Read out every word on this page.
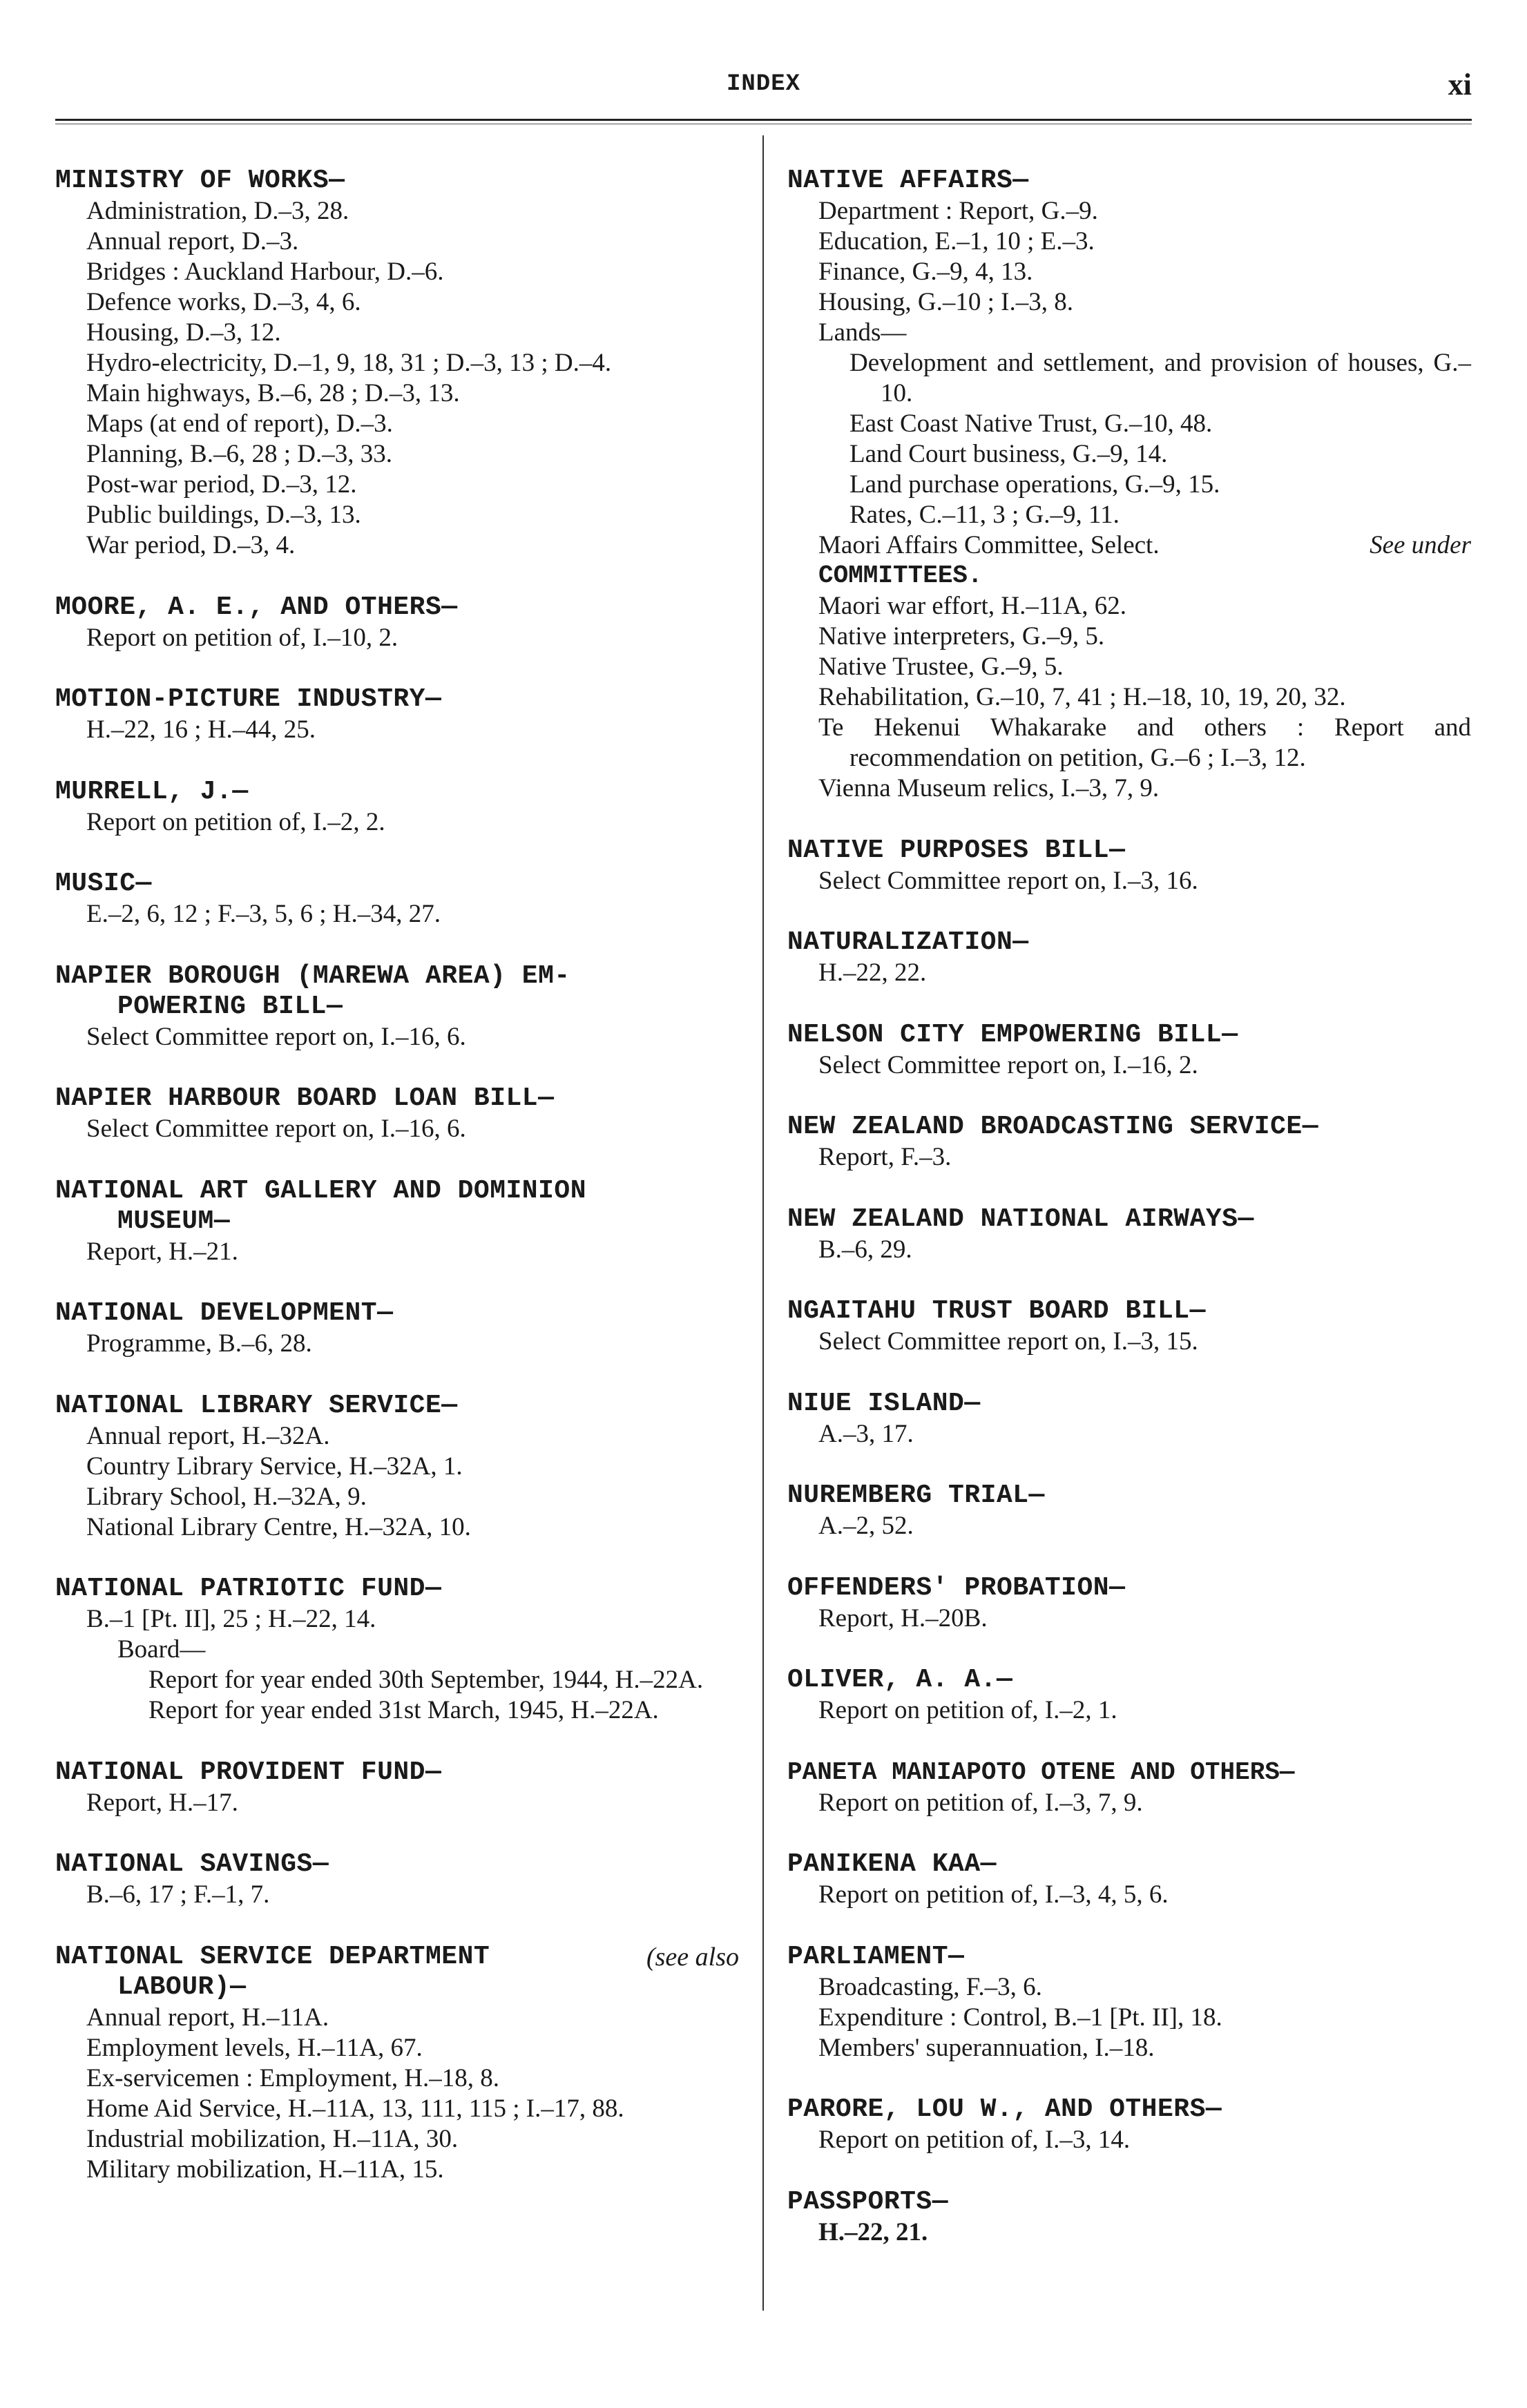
INDEX	xi
MINISTRY OF WORKS—
Administration, D.–3, 28.
Annual report, D.–3.
Bridges : Auckland Harbour, D.–6.
Defence works, D.–3, 4, 6.
Housing, D.–3, 12.
Hydro-electricity, D.–1, 9, 18, 31 ; D.–3, 13 ; D.–4.
Main highways, B.–6, 28 ; D.–3, 13.
Maps (at end of report), D.–3.
Planning, B.–6, 28 ; D.–3, 33.
Post-war period, D.–3, 12.
Public buildings, D.–3, 13.
War period, D.–3, 4.
MOORE, A. E., AND OTHERS—
Report on petition of, I.–10, 2.
MOTION-PICTURE INDUSTRY—
H.–22, 16 ; H.–44, 25.
MURRELL, J.—
Report on petition of, I.–2, 2.
MUSIC—
E.–2, 6, 12 ; F.–3, 5, 6 ; H.–34, 27.
NAPIER BOROUGH (MAREWA AREA) EM-
POWERING BILL—
Select Committee report on, I.–16, 6.
NAPIER HARBOUR BOARD LOAN BILL—
Select Committee report on, I.–16, 6.
NATIONAL ART GALLERY AND DOMINION
MUSEUM—
Report, H.–21.
NATIONAL DEVELOPMENT—
Programme, B.–6, 28.
NATIONAL LIBRARY SERVICE—
Annual report, H.–32A.
Country Library Service, H.–32A, 1.
Library School, H.–32A, 9.
National Library Centre, H.–32A, 10.
NATIONAL PATRIOTIC FUND—
B.–1 [Pt. II], 25 ; H.–22, 14.
Board—
Report for year ended 30th September, 1944, H.–22A.
Report for year ended 31st March, 1945, H.–22A.
NATIONAL PROVIDENT FUND—
Report, H.–17.
NATIONAL SAVINGS—
B.–6, 17 ; F.–1, 7.
NATIONAL SERVICE DEPARTMENT	(see also
LABOUR)—
Annual report, H.–11A.
Employment levels, H.–11A, 67.
Ex-servicemen : Employment, H.–18, 8.
Home Aid Service, H.–11A, 13, 111, 115 ; I.–17, 88.
Industrial mobilization, H.–11A, 30.
Military mobilization, H.–11A, 15.
NATIVE AFFAIRS—
Department : Report, G.–9.
Education, E.–1, 10 ; E.–3.
Finance, G.–9, 4, 13.
Housing, G.–10 ; I.–3, 8.
Lands—
Development and settlement, and provision of houses, G.–10.
East Coast Native Trust, G.–10, 48.
Land Court business, G.–9, 14.
Land purchase operations, G.–9, 15.
Rates, C.–11, 3 ; G.–9, 11.
Maori Affairs Committee, Select.	See under
COMMITTEES.
Maori war effort, H.–11A, 62.
Native interpreters, G.–9, 5.
Native Trustee, G.–9, 5.
Rehabilitation, G.–10, 7, 41 ; H.–18, 10, 19, 20, 32.
Te Hekenui Whakarake and others : Report and recommendation on petition, G.–6 ; I.–3, 12.
Vienna Museum relics, I.–3, 7, 9.
NATIVE PURPOSES BILL—
Select Committee report on, I.–3, 16.
NATURALIZATION—
H.–22, 22.
NELSON CITY EMPOWERING BILL—
Select Committee report on, I.–16, 2.
NEW ZEALAND BROADCASTING SERVICE—
Report, F.–3.
NEW ZEALAND NATIONAL AIRWAYS—
B.–6, 29.
NGAITAHU TRUST BOARD BILL—
Select Committee report on, I.–3, 15.
NIUE ISLAND—
A.–3, 17.
NUREMBERG TRIAL—
A.–2, 52.
OFFENDERS' PROBATION—
Report, H.–20B.
OLIVER, A. A.—
Report on petition of, I.–2, 1.
PANETA MANIAPOTO OTENE AND OTHERS—
Report on petition of, I.–3, 7, 9.
PANIKENA KAA—
Report on petition of, I.–3, 4, 5, 6.
PARLIAMENT—
Broadcasting, F.–3, 6.
Expenditure : Control, B.–1 [Pt. II], 18.
Members' superannuation, I.–18.
PARORE, LOU W., AND OTHERS—
Report on petition of, I.–3, 14.
PASSPORTS—
H.–22, 21.
